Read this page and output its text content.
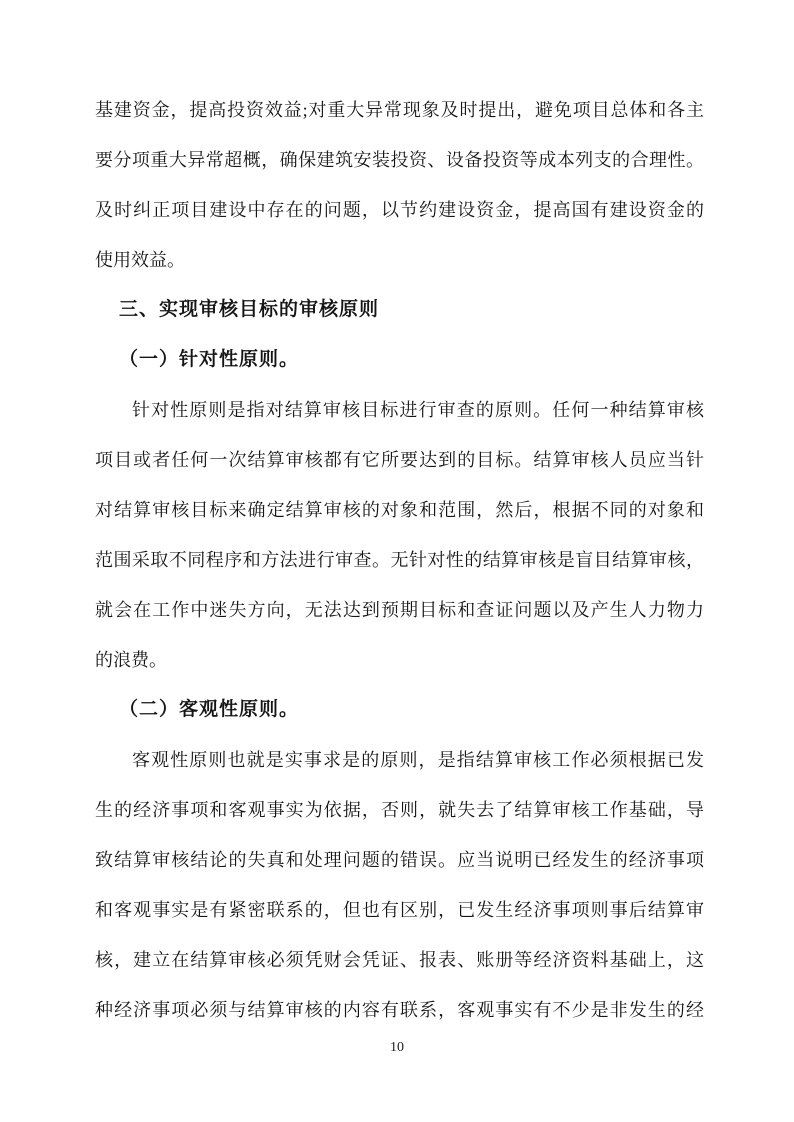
基建资金，提高投资效益;对重大异常现象及时提出，避免项目总体和各主
要分项重大异常超概，确保建筑安装投资、设备投资等成本列支的合理性。
及时纠正项目建设中存在的问题，以节约建设资金，提高国有建设资金的
使用效益。
三、实现审核目标的审核原则
（一）针对性原则。
针对性原则是指对结算审核目标进行审查的原则。任何一种结算审核
项目或者任何一次结算审核都有它所要达到的目标。结算审核人员应当针
对结算审核目标来确定结算审核的对象和范围，然后，根据不同的对象和
范围采取不同程序和方法进行审查。无针对性的结算审核是盲目结算审核，
就会在工作中迷失方向，无法达到预期目标和查证问题以及产生人力物力
的浪费。
（二）客观性原则。
客观性原则也就是实事求是的原则，是指结算审核工作必须根据已发
生的经济事项和客观事实为依据，否则，就失去了结算审核工作基础，导
致结算审核结论的失真和处理问题的错误。应当说明已经发生的经济事项
和客观事实是有紧密联系的，但也有区别，已发生经济事项则事后结算审
核，建立在结算审核必须凭财会凭证、报表、账册等经济资料基础上，这
种经济事项必须与结算审核的内容有联系，客观事实有不少是非发生的经
10
